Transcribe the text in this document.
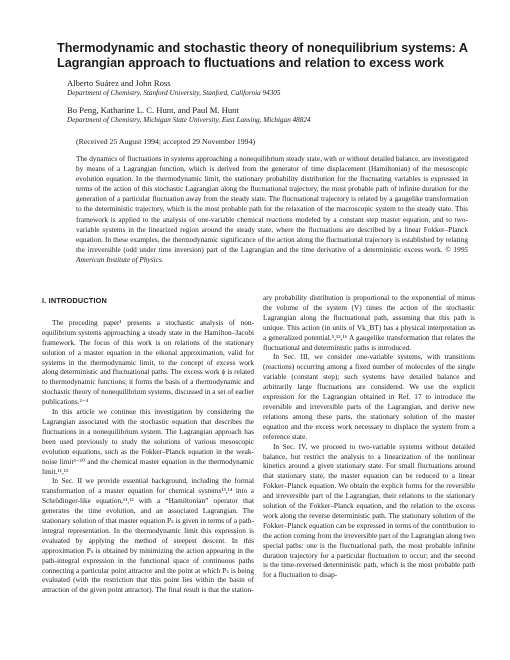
Thermodynamic and stochastic theory of nonequilibrium systems: A Lagrangian approach to fluctuations and relation to excess work
Alberto Suárez and John Ross
Department of Chemistry, Stanford University, Stanford, California 94305
Bo Peng, Katharine L. C. Hunt, and Paul M. Hunt
Department of Chemistry, Michigan State University, East Lansing, Michigan 48824
(Received 25 August 1994; accepted 29 November 1994)

The dynamics of fluctuations in systems approaching a nonequilibrium steady state, with or without detailed balance, are investigated by means of a Lagrangian function, which is derived from the generator of time displacement (Hamiltonian) of the mesoscopic evolution equation. In the thermodynamic limit, the stationary probability distribution for the fluctuating variables is expressed in terms of the action of this stochastic Lagrangian along the fluctuational trajectory, the most probable path of infinite duration for the generation of a particular fluctuation away from the steady state. The fluctuational trajectory is related by a gaugelike transformation to the deterministic trajectory, which is the most probable path for the relaxation of the macroscopic system to the steady state. This framework is applied to the analysis of one-variable chemical reactions modeled by a constant step master equation, and to two-variable systems in the linearized region around the steady state, where the fluctuations are described by a linear Fokker–Planck equation. In these examples, the thermodynamic significance of the action along the fluctuational trajectory is established by relating the irreversible (odd under time inversion) part of the Lagrangian and the time derivative of a deterministic excess work. © 1995 American Institute of Physics.

I. INTRODUCTION

The preceding paper¹ presents a stochastic analysis of non-equilibrium systems approaching a steady state in the Hamilton–Jacobi framework. The focus of this work is on relations of the stationary solution of a master equation in the eikonal approximation, valid for systems in the thermodynamic limit, to the concept of excess work along deterministic and fluctuational paths. The excess work ϕ is related to thermodynamic functions; it forms the basis of a thermodynamic and stochastic theory of nonequilibrium systems, discussed in a set of earlier publications.²⁻⁴

In this article we continue this investigation by considering the Lagrangian associated with the stochastic equation that describes the fluctuations in a nonequilibrium system. The Lagrangian approach has been used previously to study the solutions of various mesoscopic evolution equations, such as the Fokker–Planck equation in the weak-noise limit⁵⁻¹⁰ and the chemical master equation in the thermodynamic limit.¹¹,¹²

In Sec. II we provide essential background, including the formal transformation of a master equation for chemical systems¹³,¹⁴ into a Schrödinger-like equation,¹¹,¹² with a “Hamiltonian” operator that generates the time evolution, and an associated Lagrangian. The stationary solution of that master equation Pₛ is given in terms of a path-integral representation. In the thermodynamic limit this expression is evaluated by applying the method of steepest descent. In this approximation Pₛ is obtained by minimizing the action appearing in the path-integral expression in the functional space of continuous paths connecting a particular point attractor and the point at which Pₛ is being evaluated (with the restriction that this point lies within the basin of attraction of the given point attractor). The final result is that the station-

ary probability distribution is proportional to the exponential of minus the volume of the system (V) times the action of the stochastic Lagrangian along the fluctuational path, assuming that this path is unique. This action (in units of Vk_BT) has a physical interpretation as a generalized potential.⁵,¹⁵,¹⁶ A gaugelike transformation that relates the fluctuational and deterministic paths is introduced.

In Sec. III, we consider one-variable systems, with transitions (reactions) occurring among a fixed number of molecules of the single variable (constant step); such systems have detailed balance and arbitrarily large fluctuations are considered. We use the explicit expression for the Lagrangian obtained in Ref. 17 to introduce the reversible and irreversible parts of the Lagrangian, and derive new relations among these parts, the stationary solution of the master equation and the excess work necessary to displace the system from a reference state.

In Sec. IV, we proceed to two-variable systems without detailed balance, but restrict the analysis to a linearization of the nonlinear kinetics around a given stationary state. For small fluctuations around that stationary state, the master equation can be reduced to a linear Fokker–Planck equation. We obtain the explicit forms for the reversible and irreversible part of the Lagrangian, their relations to the stationary solution of the Fokker–Planck equation, and the relation to the excess work along the reverse deterministic path. The stationary solution of the Fokker–Planck equation can be expressed in terms of the contribution to the action coming from the irreversible part of the Lagrangian along two special paths: one is the fluctuational path, the most probable infinite duration trajectory for a particular fluctuation to occur; and the second is the time-reversed deterministic path, which is the most probable path for a fluctuation to disap-
